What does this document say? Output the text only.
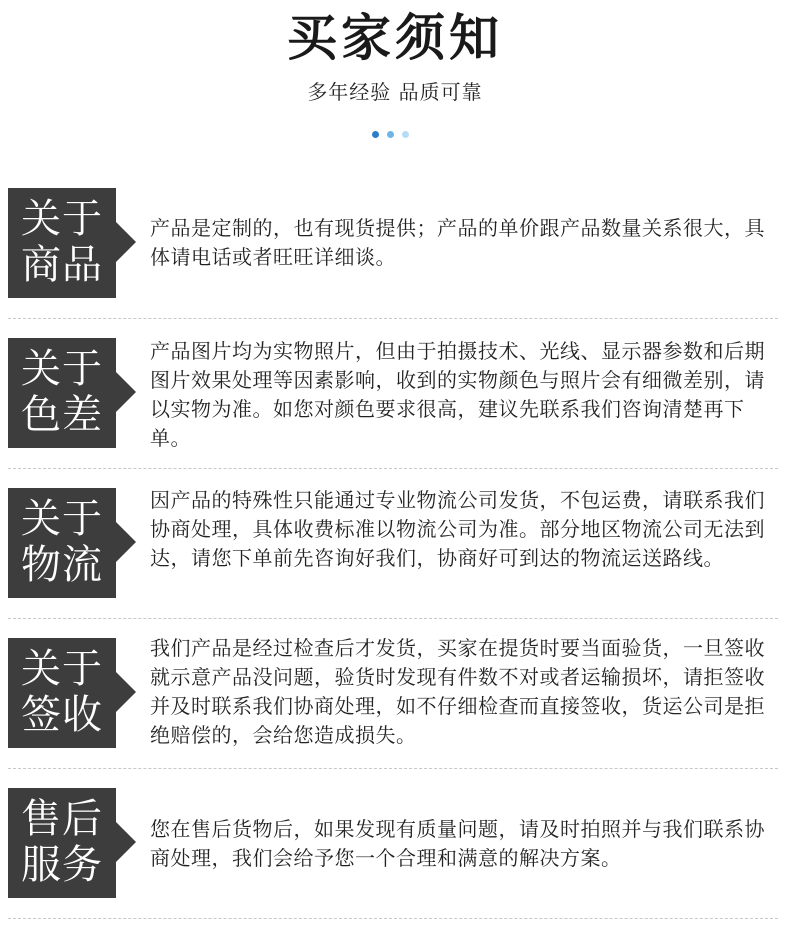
买家须知
多年经验 品质可靠
关于
商品
产品是定制的，也有现货提供；产品的单价跟产品数量关系很大，具体请电话或者旺旺详细谈。
关于
色差
产品图片均为实物照片，但由于拍摄技术、光线、显示器参数和后期图片效果处理等因素影响，收到的实物颜色与照片会有细微差别，请以实物为准。如您对颜色要求很高，建议先联系我们咨询清楚再下单。
关于
物流
因产品的特殊性只能通过专业物流公司发货，不包运费，请联系我们协商处理，具体收费标准以物流公司为准。部分地区物流公司无法到达，请您下单前先咨询好我们，协商好可到达的物流运送路线。
关于
签收
我们产品是经过检查后才发货，买家在提货时要当面验货，一旦签收就示意产品没问题，验货时发现有件数不对或者运输损坏，请拒签收并及时联系我们协商处理，如不仔细检查而直接签收，货运公司是拒绝赔偿的，会给您造成损失。
售后
服务
您在售后货物后，如果发现有质量问题，请及时拍照并与我们联系协商处理，我们会给予您一个合理和满意的解决方案。
